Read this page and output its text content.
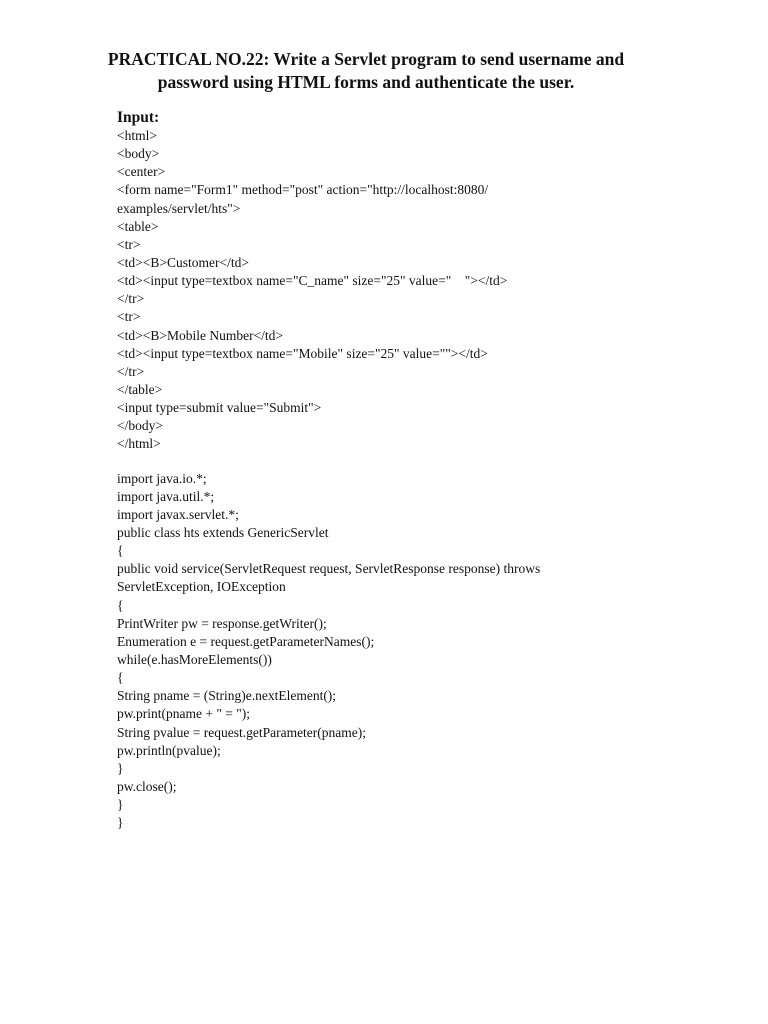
PRACTICAL NO.22: Write a Servlet program to send username and
password using HTML forms and authenticate the user.
Input:
<html>
<body>
<center>
<form name="Form1" method="post" action="http://localhost:8080/
examples/servlet/hts">
<table>
<tr>
<td><B>Customer</td>
<td><input type=textbox name="C_name" size="25" value="    "></td>
</tr>
<tr>
<td><B>Mobile Number</td>
<td><input type=textbox name="Mobile" size="25" value=""></td>
</tr>
</table>
<input type=submit value="Submit">
</body>
</html>
import java.io.*;
import java.util.*;
import javax.servlet.*;
public class hts extends GenericServlet
{
public void service(ServletRequest request, ServletResponse response) throws
ServletException, IOException
{
PrintWriter pw = response.getWriter();
Enumeration e = request.getParameterNames();
while(e.hasMoreElements())
{
String pname = (String)e.nextElement();
pw.print(pname + " = ");
String pvalue = request.getParameter(pname);
pw.println(pvalue);
}
pw.close();
}
}
